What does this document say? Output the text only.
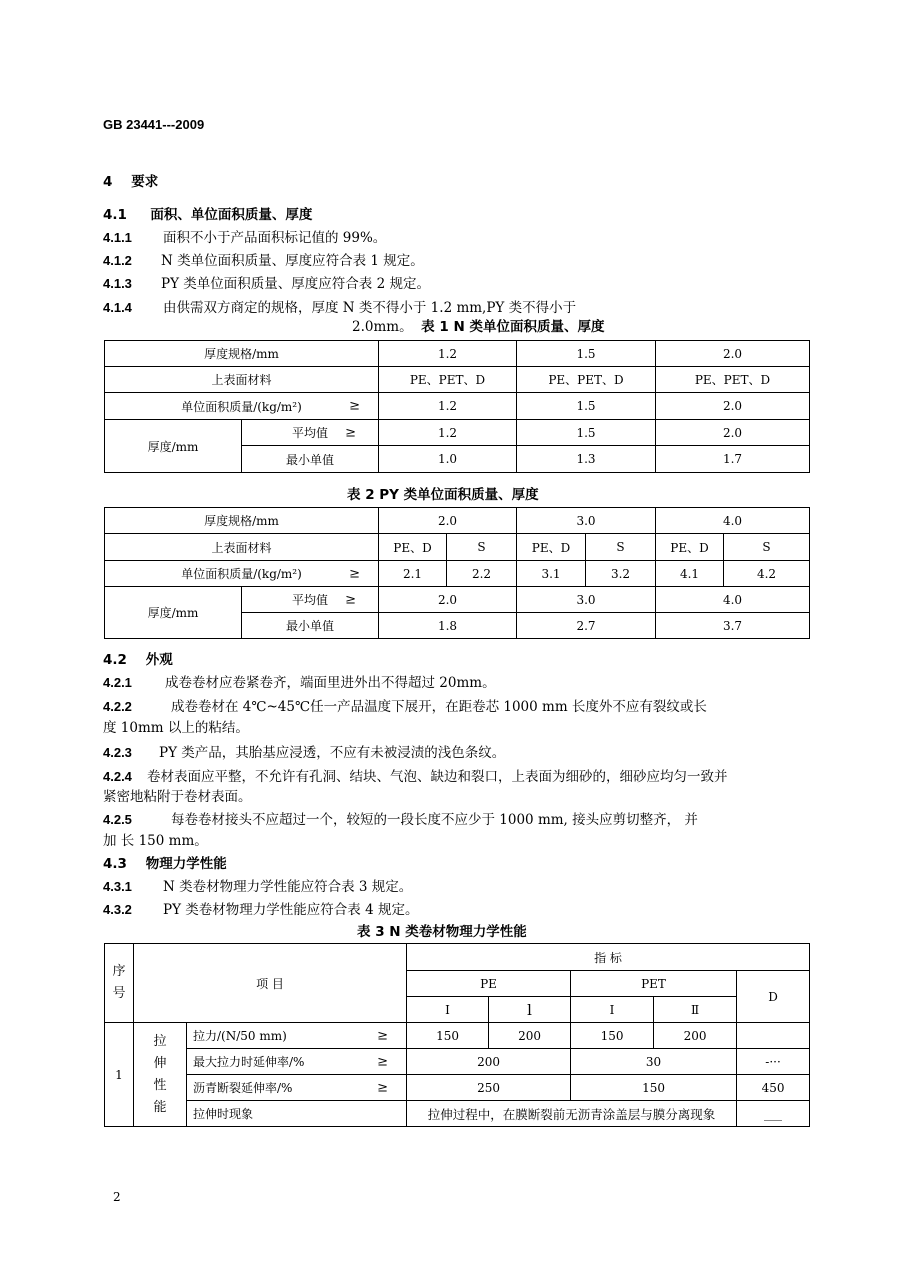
GB 23441---2009
4 要求
4.1 面积、单位面积质量、厚度
4.1.1 面积不小于产品面积标记值的 99%。
4.1.2 N 类单位面积质量、厚度应符合表 1 规定。
4.1.3 PY 类单位面积质量、厚度应符合表 2 规定。
4.1.4 由供需双方商定的规格，厚度 N 类不得小于 1.2 mm,PY 类不得小于
2.0mm。 表 1 N 类单位面积质量、厚度
厚度规格/mm		1.2	1.5	2.0
上表面材料		PE、PET、D	PE、PET、D	PE、PET、D
单位面积质量/(kg/m²) ≥		1.2	1.5	2.0
厚度/mm	平均值 ≥	1.2	1.5	2.0
	最小单值	1.0	1.3	1.7
表 2 PY 类单位面积质量、厚度
厚度规格/mm		2.0		3.0		4.0	
上表面材料		PE、D	S	PE、D	S	PE、D	S
单位面积质量/(kg/m²) ≥		2.1	2.2	3.1	3.2	4.1	4.2
厚度/mm	平均值 ≥	2.0		3.0		4.0	
	最小单值	1.8		2.7		3.7	
4.2 外观
4.2.1 成卷卷材应卷紧卷齐，端面里进外出不得超过 20mm。
4.2.2	成卷卷材在 4℃~45℃任一产品温度下展开，在距卷芯 1000 mm 长度外不应有裂纹或长
度 10mm 以上的粘结。
4.2.3 PY 类产品，其胎基应浸透，不应有未被浸渍的浅色条纹。
4.2.4 卷材表面应平整，不允许有孔洞、结块、气泡、缺边和裂口，上表面为细砂的，细砂应均匀一致并
紧密地粘附于卷材表面。
4.2.5	每卷卷材接头不应超过一个，较短的一段长度不应少于 1000 mm, 接头应剪切整齐， 并
加 长 150 mm。
4.3 物理力学性能
4.3.1 N 类卷材物理力学性能应符合表 3 规定。
4.3.2 PY 类卷材物理力学性能应符合表 4 规定。
表 3 N 类卷材物理力学性能
序
号	项 目		指 标				
			PE		PET		D
			I	l	I	Ⅱ	
1	拉
伸
性
能	拉力/(N/50 mm) ≥	150	200	150	200	
		最大拉力时延伸率/% ≥	200		30		-···
		沥青断裂延伸率/% ≥	250		150		450
		拉伸时现象	拉伸过程中，在膜断裂前无沥青涂盖层与膜分离现象				___
2
